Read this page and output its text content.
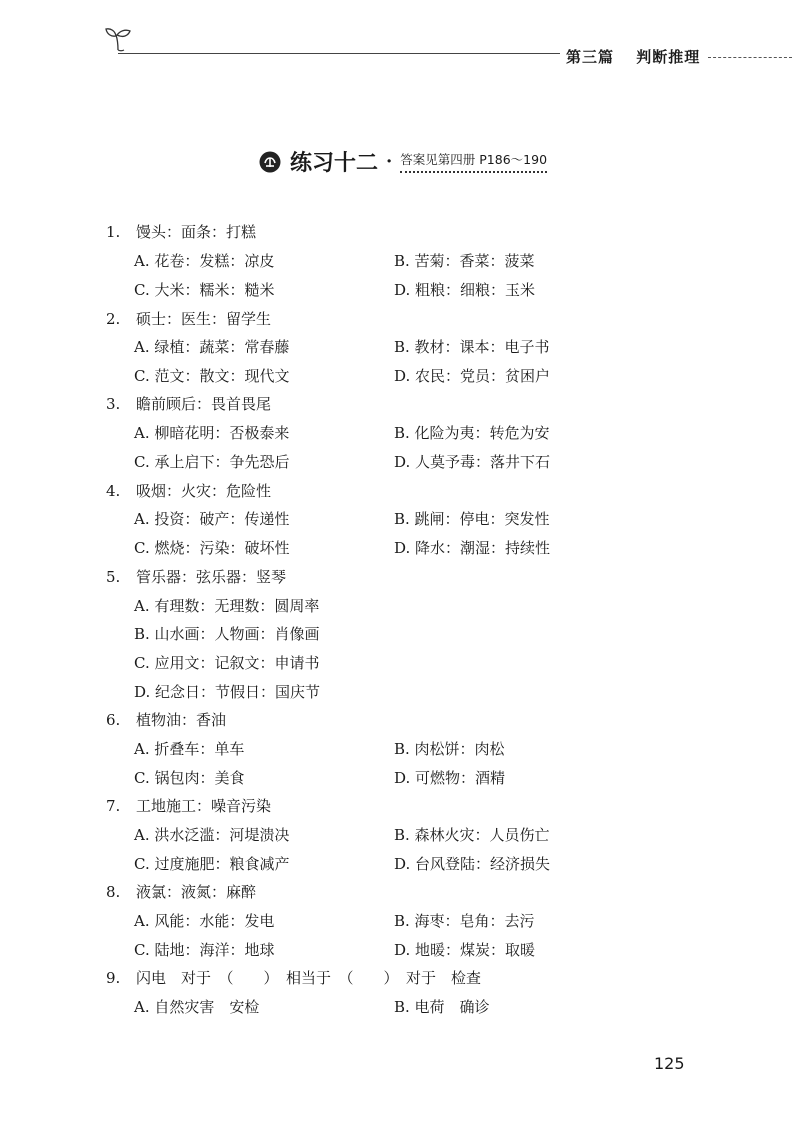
第三篇 判断推理
练习十二 · 答案见第四册 P186～190
1. 馒头：面条：打糕
A. 花卷：发糕：凉皮	B. 苦菊：香菜：菠菜
C. 大米：糯米：糙米	D. 粗粮：细粮：玉米
2. 硕士：医生：留学生
A. 绿植：蔬菜：常春藤	B. 教材：课本：电子书
C. 范文：散文：现代文	D. 农民：党员：贫困户
3. 瞻前顾后：畏首畏尾
A. 柳暗花明：否极泰来	B. 化险为夷：转危为安
C. 承上启下：争先恐后	D. 人莫予毒：落井下石
4. 吸烟：火灾：危险性
A. 投资：破产：传递性	B. 跳闸：停电：突发性
C. 燃烧：污染：破坏性	D. 降水：潮湿：持续性
5. 管乐器：弦乐器：竖琴
A. 有理数：无理数：圆周率
B. 山水画：人物画：肖像画
C. 应用文：记叙文：申请书
D. 纪念日：节假日：国庆节
6. 植物油：香油
A. 折叠车：单车	B. 肉松饼：肉松
C. 锅包肉：美食	D. 可燃物：酒精
7. 工地施工：噪音污染
A. 洪水泛滥：河堤溃决	B. 森林火灾：人员伤亡
C. 过度施肥：粮食减产	D. 台风登陆：经济损失
8. 液氯：液氮：麻醉
A. 风能：水能：发电	B. 海枣：皂角：去污
C. 陆地：海洋：地球	D. 地暖：煤炭：取暖
9. 闪电　对于　（　　）　相当于　（　　）　对于　检查
A. 自然灾害　安检	B. 电荷　确诊
125
